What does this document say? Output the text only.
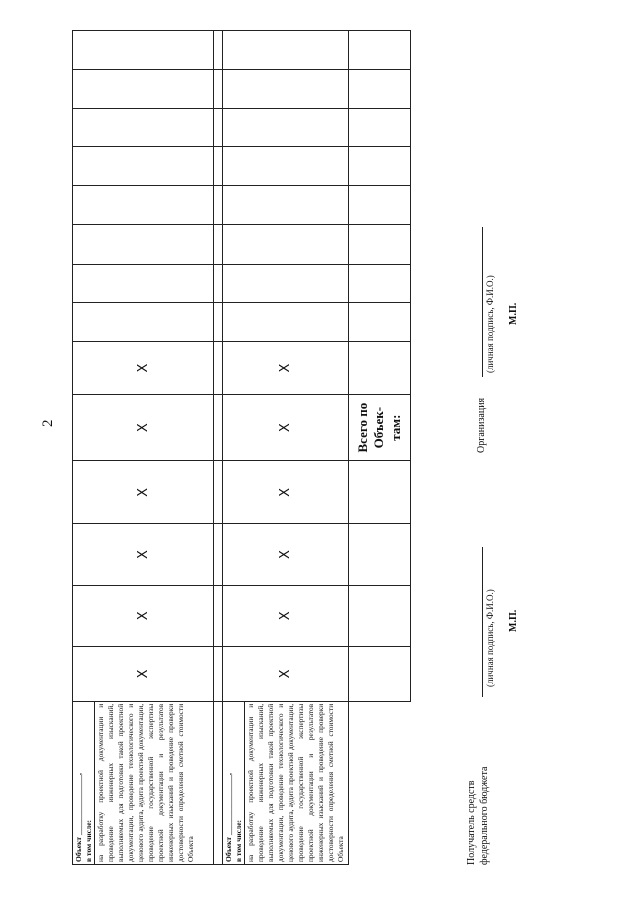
2
Объект ________________, в том числе: на разработку проектной документации и проведение инженерных изысканий, выполняемых для подготовки такой проектной документации, проведение технологического и ценового аудита, аудита проектной документации, проведение государственной экспертизы проектной документации и результатов инженерных изысканий и проведение проверки достоверности определения сметной стоимости Объекта	X	X	X	X	X	X								

Объект ________________, в том числе: на разработку проектной документации и проведение инженерных изысканий, выполняемых для подготовки такой проектной документации, проведение технологического и ценового аудита, аудита проектной документации, проведение государственной экспертизы проектной документации и результатов инженерных изысканий и проведение проверки достоверности определения сметной стоимости Объекта	X	X	X	X	X	X								
					Всего по Объек-там:									
Получатель средств федерального бюджета
(личная подпись, Ф.И.О.) М.П.
Организация
(личная подпись, Ф.И.О.) М.П.
